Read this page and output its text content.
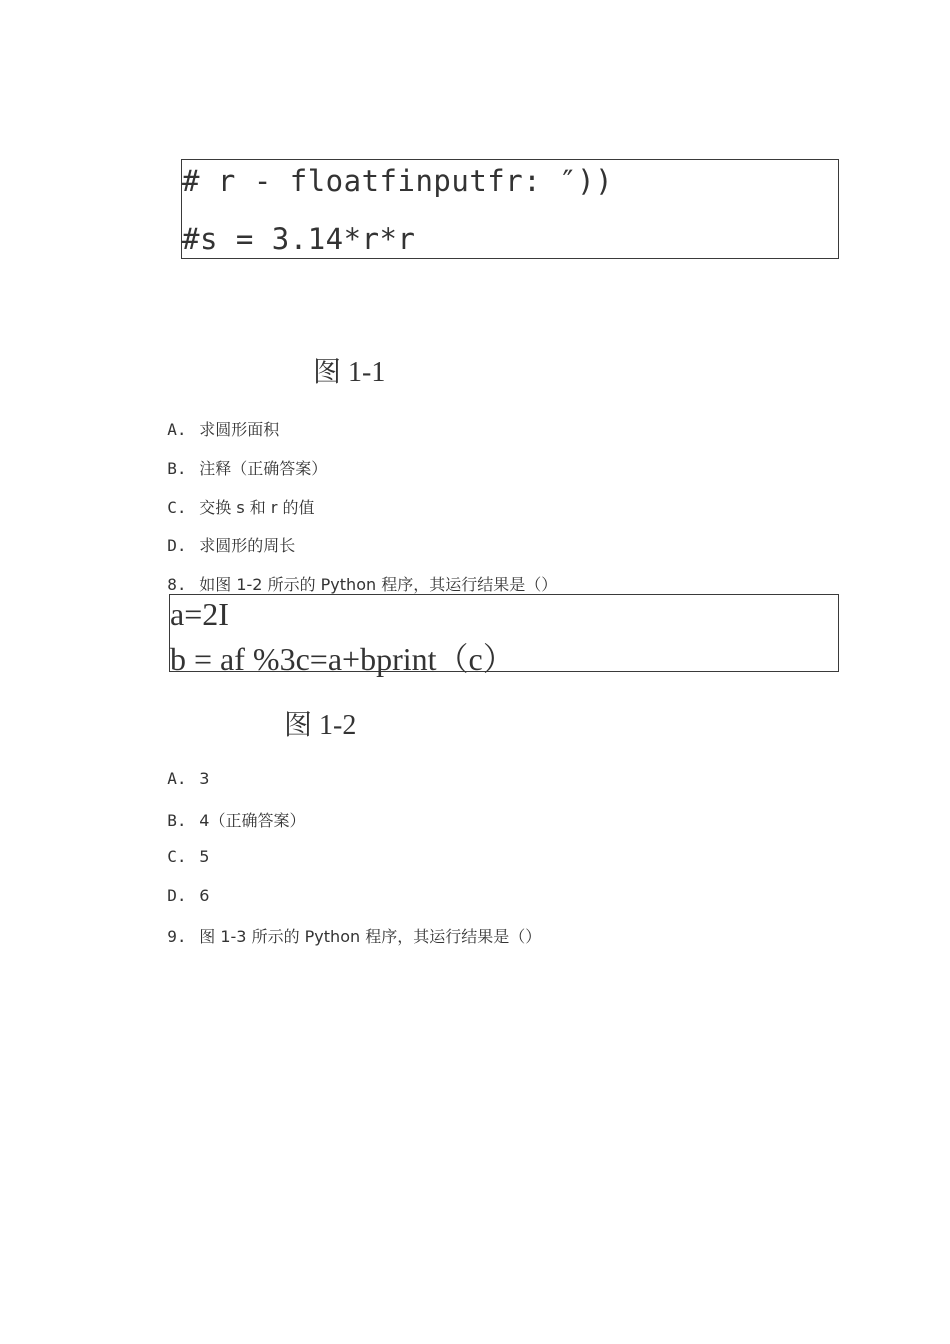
# r - floatfinputfr: ″))
#s = 3.14*r*r
图 1-1

A. 求圆形面积

B. 注释（正确答案）

C. 交换 s 和 r 的值

D. 求圆形的周长

8. 如图 1-2 所示的 Python 程序，其运行结果是（）

a=2I
b = af %3c=a+bprint（c）
图 1-2

A. 3

B. 4（正确答案）

C. 5

D. 6

9. 图 1-3 所示的 Python 程序，其运行结果是（）
